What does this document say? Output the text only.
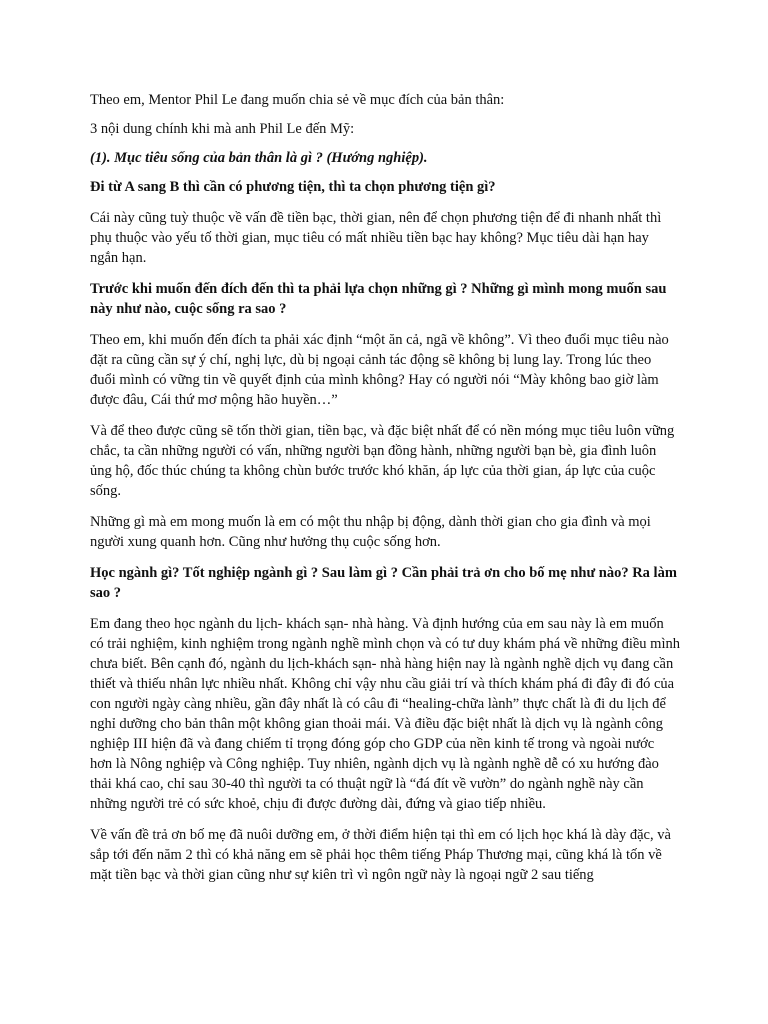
Theo em, Mentor Phil Le đang muốn chia sẻ về mục đích của bản thân:

3 nội dung chính khi mà anh Phil Le đến Mỹ:

(1). Mục tiêu sống của bản thân là gì ? (Hướng nghiệp).

Đi từ A sang B thì cần có phương tiện, thì ta chọn phương tiện gì?

Cái này cũng tuỳ thuộc về vấn đề tiền bạc, thời gian, nên để chọn phương tiện để đi nhanh nhất thì phụ thuộc vào yếu tố thời gian, mục tiêu có mất nhiều tiền bạc hay không? Mục tiêu dài hạn hay ngắn hạn.

Trước khi muốn đến đích đến thì ta phải lựa chọn những gì ? Những gì mình mong muốn sau này như nào, cuộc sống ra sao ?

Theo em, khi muốn đến đích ta phải xác định “một ăn cả, ngã về không”. Vì theo đuổi mục tiêu nào đặt ra cũng cần sự ý chí, nghị lực, dù bị ngoại cảnh tác động sẽ không bị lung lay. Trong lúc theo đuổi mình có vững tin về quyết định của mình không? Hay có người nói “Mày không bao giờ làm được đâu, Cái thứ mơ mộng hão huyền…”

Và để theo được cũng sẽ tốn thời gian, tiền bạc, và đặc biệt nhất để có nền móng mục tiêu luôn vững chắc, ta cần những người có vấn, những người bạn đồng hành, những người bạn bè, gia đình luôn ủng hộ, đốc thúc chúng ta không chùn bước trước khó khăn, áp lực của thời gian, áp lực của cuộc sống.

Những gì mà em mong muốn là em có một thu nhập bị động, dành thời gian cho gia đình và mọi người xung quanh hơn. Cũng như hưởng thụ cuộc sống hơn.

Học ngành gì? Tốt nghiệp ngành gì ? Sau làm gì ? Cần phải trả ơn cho bố mẹ như nào? Ra làm sao ?

Em đang theo học ngành du lịch- khách sạn- nhà hàng. Và định hướng của em sau này là em muốn có trải nghiệm, kinh nghiệm trong ngành nghề mình chọn và có tư duy khám phá về những điều mình chưa biết. Bên cạnh đó, ngành du lịch-khách sạn- nhà hàng hiện nay là ngành nghề dịch vụ đang cần thiết và thiếu nhân lực nhiều nhất. Không chỉ vậy nhu cầu giải trí và thích khám phá đi đây đi đó của con người ngày càng nhiều, gần đây nhất là có câu đi “healing-chữa lành” thực chất là đi du lịch để nghỉ dưỡng cho bản thân một không gian thoải mái. Và điều đặc biệt nhất là dịch vụ là ngành công nghiệp III hiện đã và đang chiếm tỉ trọng đóng góp cho GDP của nền kinh tế trong và ngoài nước hơn là Nông nghiệp và Công nghiệp. Tuy nhiên, ngành dịch vụ là ngành nghề dễ có xu hướng đào thải khá cao, chỉ sau 30-40 thì người ta có thuật ngữ là “đá đít về vườn” do ngành nghề này cần những người trẻ có sức khoẻ, chịu đi được đường dài, đứng và giao tiếp nhiều.

Về vấn đề trả ơn bố mẹ đã nuôi dưỡng em, ở thời điểm hiện tại thì em có lịch học khá là dày đặc, và sắp tới đến năm 2 thì có khả năng em sẽ phải học thêm tiếng Pháp Thương mại, cũng khá là tốn về mặt tiền bạc và thời gian cũng như sự kiên trì vì ngôn ngữ này là ngoại ngữ 2 sau tiếng
